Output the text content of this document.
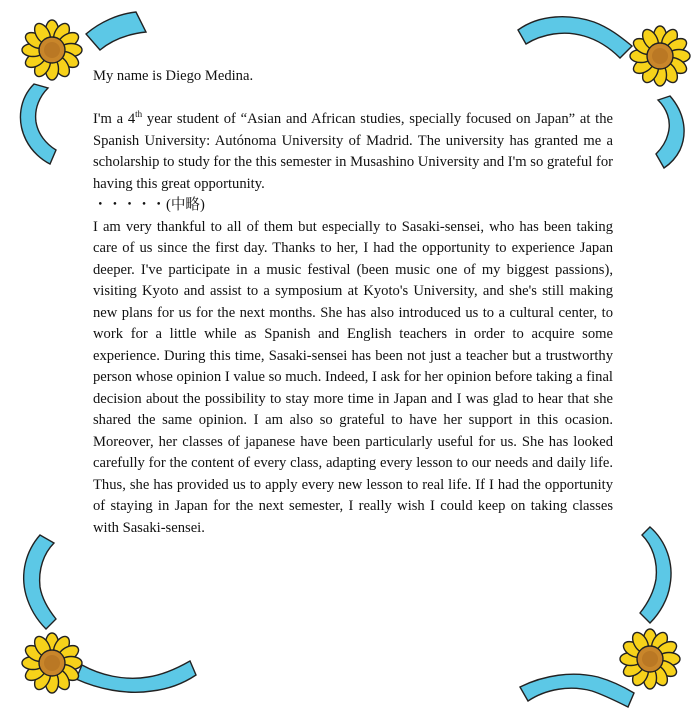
My name is Diego Medina.

I'm a 4th year student of “Asian and African studies, specially focused on Japan” at the Spanish University: Autónoma University of Madrid. The university has granted me a scholarship to study for the this semester in Musashino University and I'm so grateful for having this great opportunity.

・・・・・(中略)

I am very thankful to all of them but especially to Sasaki-sensei, who has been taking care of us since the first day. Thanks to her, I had the opportunity to experience Japan deeper. I've participate in a music festival (been music one of my biggest passions), visiting Kyoto and assist to a symposium at Kyoto's University, and she's still making new plans for us for the next months. She has also introduced us to a cultural center, to work for a little while as Spanish and English teachers in order to acquire some experience. During this time, Sasaki-sensei has been not just a teacher but a trustworthy person whose opinion I value so much. Indeed, I ask for her opinion before taking a final decision about the possibility to stay more time in Japan and I was glad to hear that she shared the same opinion. I am also so grateful to have her support in this ocasion. Moreover, her classes of japanese have been particularly useful for us. She has looked carefully for the content of every class, adapting every lesson to our needs and daily life. Thus, she has provided us to apply every new lesson to real life. If I had the opportunity of staying in Japan for the next semester, I really wish I could keep on taking classes with Sasaki-sensei.
